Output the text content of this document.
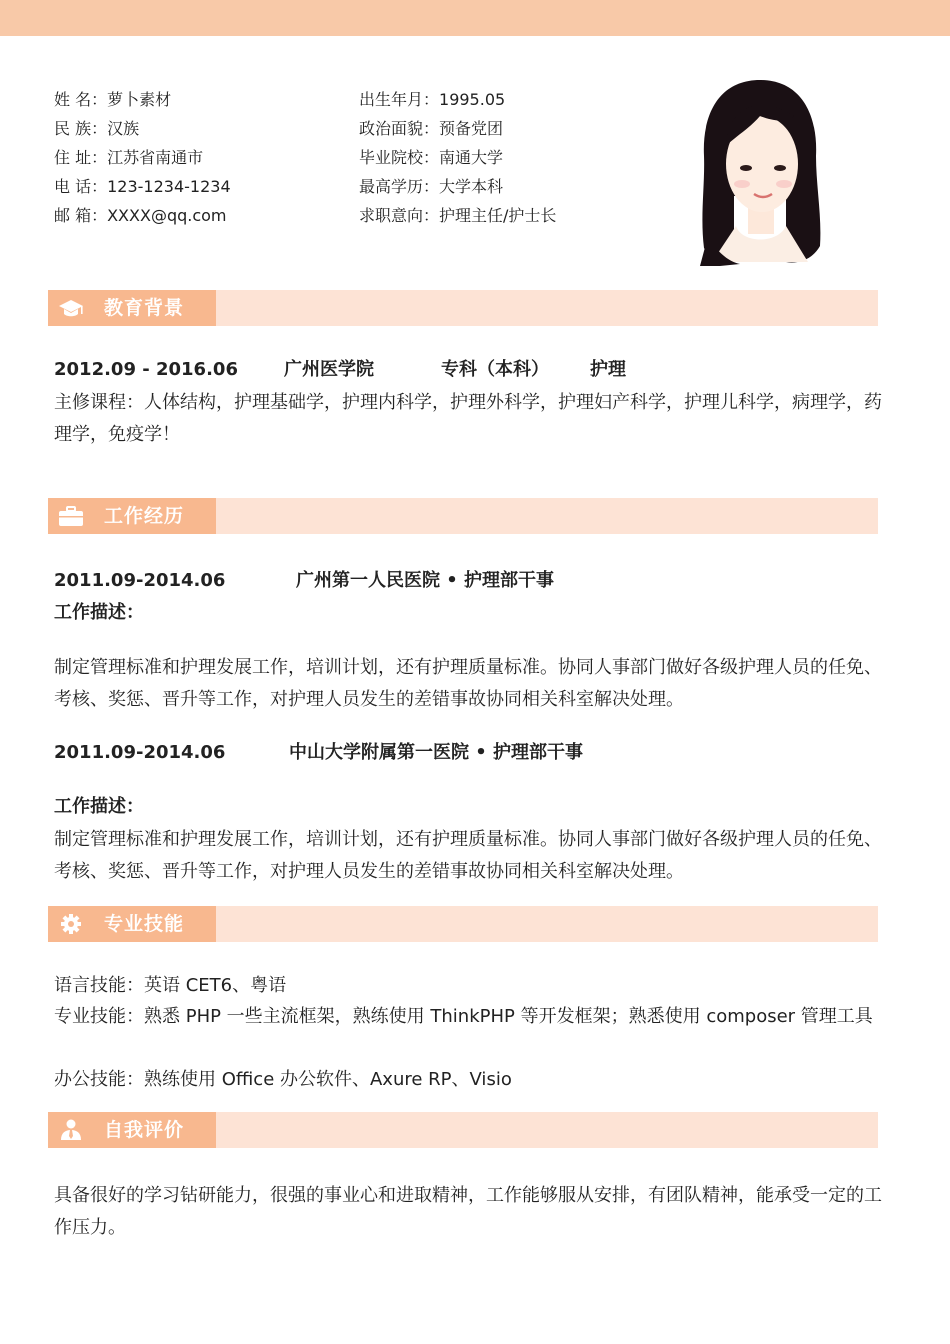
姓 名：萝卜素材
民 族：汉族
住 址：江苏省南通市
电 话：123-1234-1234
邮 箱：XXXX@qq.com
出生年月：1995.05
政治面貌：预备党团
毕业院校：南通大学
最高学历：大学本科
求职意向：护理主任/护士长
教育背景
2012.09 - 2016.06	广州医学院	专科（本科） 护理
主修课程：人体结构，护理基础学，护理内科学，护理外科学，护理妇产科学，护理儿科学，病理学，药理学，免疫学！
工作经历
2011.09-2014.06	广州第一人民医院 • 护理部干事
工作描述：
制定管理标准和护理发展工作，培训计划，还有护理质量标准。协同人事部门做好各级护理人员的任免、考核、奖惩、晋升等工作，对护理人员发生的差错事故协同相关科室解决处理。
2011.09-2014.06	中山大学附属第一医院 • 护理部干事
工作描述：
制定管理标准和护理发展工作，培训计划，还有护理质量标准。协同人事部门做好各级护理人员的任免、考核、奖惩、晋升等工作，对护理人员发生的差错事故协同相关科室解决处理。
专业技能
语言技能：英语 CET6、粤语
专业技能：熟悉 PHP 一些主流框架，熟练使用 ThinkPHP 等开发框架；熟悉使用 composer 管理工具
办公技能：熟练使用 Office 办公软件、Axure RP、Visio
自我评价
具备很好的学习钻研能力，很强的事业心和进取精神，工作能够服从安排，有团队精神，能承受一定的工作压力。
